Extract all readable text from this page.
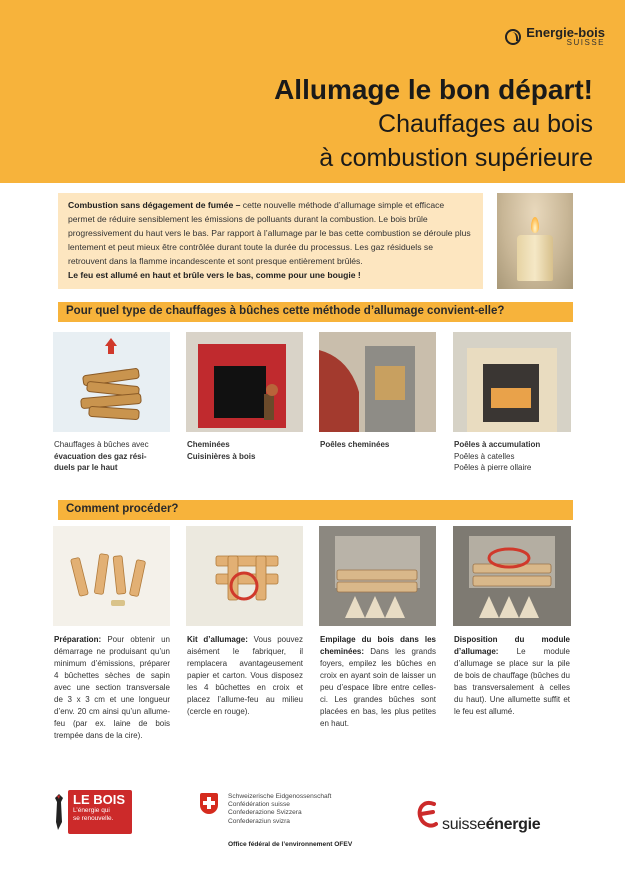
Energie-bois
SUISSE
Allumage le bon départ!
Chauffages au bois
à combustion supérieure
Combustion sans dégagement de fumée – cette nouvelle méthode d’allumage simple et efficace permet de réduire sensiblement les émissions de polluants durant la combustion. Le bois brûle progressivement du haut vers le bas. Par rapport à l’allumage par le bas cette combustion se déroule plus lentement et peut mieux être contrôlée durant toute la durée du processus. Les gaz résiduels se retrouvent dans la flamme incandescente et sont presque entièrement brûlés.
Le feu est allumé en haut et brûle vers le bas, comme pour une bougie !
Pour quel type de chauffages à bûches cette méthode d’allumage convient-elle?
Chauffages à bûches avec
évacuation des gaz rési-
duels par le haut
Cheminées
Cuisinières à bois
Poêles cheminées	Poêles à accumulation
Poêles à catelles
Poêles à pierre ollaire
Comment procéder?
Préparation: Pour obtenir un démarrage ne produisant qu’un minimum d’émissions, préparer 4 bûchettes sèches de sapin avec une section transversale de 3 x 3 cm et une longueur d’env. 20 cm ainsi qu’un allume-feu (par ex. laine de bois trempée dans de la cire).
Kit d’allumage: Vous pouvez aisément le fabriquer, il remplacera avantageusement papier et carton. Vous disposez les 4 bûchettes en croix et placez l’allume-feu au milieu (cercle en rouge).
Empilage du bois dans les cheminées: Dans les grands foyers, empilez les bûches en croix en ayant soin de laisser un peu d’espace libre entre celles-ci. Les grandes bûches sont placées en bas, les plus petites en haut.
Disposition du module d’allumage: Le module d’allumage se place sur la pile de bois de chauffage (bûches du bas transversalement à celles du haut). Une allumette suffit et le feu est allumé.
LE BOIS
L’énergie qui
se renouvelle.
Schweizerische Eidgenossenschaft
Confédération suisse
Confederazione Svizzera
Confederaziun svizra
Office fédéral de l’environnement OFEV
suisseénergie
